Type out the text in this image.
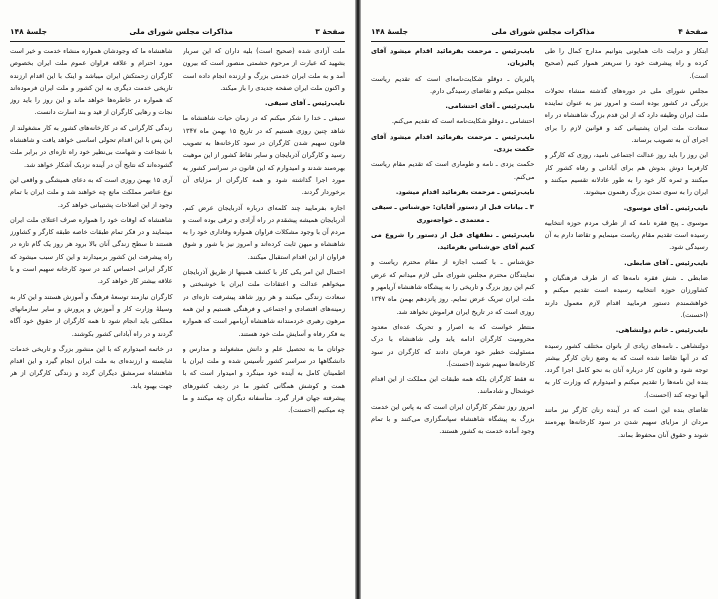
صفحهٔ ۳
مذاکرات مجلس شورای ملی
جلسهٔ ۱۴۸

ملت آزادی شده (صحیح است) بلیه داران که این سربار بشهید که عبارت از مرحوم حشمتی منصور است که بیرون آمد و به ملت ایران خدمتی بزرگ و ارزنده انجام داده است و اکنون ملت ایران صفحه جدیدی را باز میکند.

نایب‌رئیس ـ آقای سیفی.

سیفی ـ خدا را شکر میکنم که در زمان حیات شاهنشاه ما شاهد چنین روزی هستیم که در تاریخ ۱۵ بهمن ماه ۱۳۴۷ قانون سهیم شدن کارگران در سود کارخانه‌ها به تصویب رسید و کارگران آذربایجان و سایر نقاط کشور از این موهبت بهره‌مند شدند و امیدوارم که این قانون در سراسر کشور به مورد اجرا گذاشته شود و همه کارگران از مزایای آن برخوردار گردند.

اجازه بفرمایید چند کلمه‌ای درباره آذربایجان عرض کنم. آذربایجان همیشه پیشقدم در راه آزادی و ترقی بوده است و مردم آن با وجود مشکلات فراوان همواره وفاداری خود را به شاهنشاه و میهن ثابت کرده‌اند و امروز نیز با شور و شوق فراوان از این اقدام استقبال میکنند.

احتمال این امر یکی کار با کشف همینها از طریق آذربایجان میخواهم عدالت و اعتقادات ملت ایران با خوشبختی و سعادت زندگی میکنند و هر روز شاهد پیشرفت تازه‌ای در زمینه‌های اقتصادی و اجتماعی و فرهنگی هستیم و این همه مرهون رهبری خردمندانه شاهنشاه آریامهر است که همواره به فکر رفاه و آسایش ملت خود هستند.

جوانان ما به تحصیل علم و دانش مشغولند و مدارس و دانشگاهها در سراسر کشور تأسیس شده و ملت ایران با اطمینان کامل به آینده خود مینگرد و امیدوار است که با همت و کوشش همگانی کشور ما در ردیف کشورهای پیشرفته جهان قرار گیرد. متأسفانه دیگران چه میکنند و ما چه میکنیم (احسنت).

شاهنشاه ما که وجودشان همواره منشاء خدمت و خیر است مورد احترام و علاقه فراوان عموم ملت ایران بخصوص کارگران زحمتکش ایران میباشد و اینک با این اقدام ارزنده تاریخی خدمت دیگری به این کشور و ملت ایران فرموده‌اند که همواره در خاطره‌ها خواهد ماند و این روز را باید روز نجات و رهایی کارگران از قید و بند اسارت دانست.

زندگی کارگرانی که در کارخانه‌های کشور به کار مشغولند از این پس با این اقدام تحولی اساسی خواهد یافت و شاهنشاه با شجاعت و شهامت بی‌نظیر خود راه تازه‌ای در برابر ملت گشوده‌اند که نتایج آن در آینده نزدیک آشکار خواهد شد.

آری ۱۵ بهمن روزی است که به دعای همیشگی و واقعی این نوع عناصر مملکت مانع چه خواهند شد و ملت ایران با تمام وجود از این اصلاحات پشتیبانی خواهد کرد.

شاهنشاه که اوقات خود را همواره صرف اعتلای ملت ایران مینمایند و در فکر تمام طبقات خاصه طبقه کارگر و کشاورز هستند تا سطح زندگی آنان بالا برود هر روز یک گام تازه در راه پیشرفت این کشور برمیدارند و این کار سبب میشود که کارگر ایرانی احساس کند در سود کارخانه سهیم است و با علاقه بیشتر کار خواهد کرد.

کارگران نیازمند توسعهٔ فرهنگ و آموزش هستند و این کار به وسیلهٔ وزارت کار و آموزش و پرورش و سایر سازمانهای مملکتی باید انجام شود تا همه کارگران از حقوق خود آگاه گردند و در راه آبادانی کشور بکوشند.

در خاتمه امیدوارم که با این منشور بزرگ و تاریخی خدمات شایسته و ارزنده‌ای به ملت ایران انجام گیرد و این اقدام شاهنشاه سرمشق دیگران گردد و زندگی کارگران از هر جهت بهبود یابد.

صفحهٔ ۴
مذاکرات مجلس شورای ملی
جلسهٔ ۱۴۸

ابتکار و درایت ذات همایونی بتوانیم مدارج کمال را طی کرده و راه پیشرفت خود را سریعتر هموار کنیم (صحیح است).

مجلس شورای ملی در دوره‌های گذشته منشاء تحولات بزرگی در کشور بوده است و امروز نیز به عنوان نماینده ملت ایران وظیفه دارد که از این قدم بزرگ شاهنشاه در راه سعادت ملت ایران پشتیبانی کند و قوانین لازم را برای اجرای آن به تصویب برساند.

این روز را باید روز عدالت اجتماعی نامید، روزی که کارگر و کارفرما دوش بدوش هم برای آبادانی و رفاه کشور کار میکنند و ثمره کار خود را به طور عادلانه تقسیم میکنند و ایران را به سوی تمدن بزرگ رهنمون میشوند.

نایب‌رئیس ـ آقای موسوی.

موسوی ـ پنج فقره نامه که از طرف مردم حوزه انتخابیه رسیده است تقدیم مقام ریاست مینمایم و تقاضا دارم به آن رسیدگی شود.

نایب‌رئیس ـ آقای ضابطی.

ضابطی ـ شش فقره نامه‌ها که از طرف فرهنگیان و کشاورزان حوزه انتخابیه رسیده است تقدیم میکنم و خواهشمندم دستور فرمایید اقدام لازم معمول دارند (احسنت).

نایب‌رئیس ـ خانم دولتشاهی.

دولتشاهی ـ نامه‌های زیادی از بانوان مختلف کشور رسیده که در آنها تقاضا شده است که به وضع زنان کارگر بیشتر توجه شود و قانون کار درباره آنان به نحو کامل اجرا گردد. بنده این نامه‌ها را تقدیم میکنم و امیدوارم که وزارت کار به آنها توجه کند (احسنت).

تقاضای بنده این است که در آینده زنان کارگر نیز مانند مردان از مزایای سهیم شدن در سود کارخانه‌ها بهره‌مند شوند و حقوق آنان محفوظ بماند.

نایب‌رئیس ـ مرحمت بفرمائید اقدام میشود آقای پالیزبان.

پالیزبان ـ دوقلو شکایت‌نامه‌ای است که تقدیم ریاست مجلس میکنم و تقاضای رسیدگی دارم.

نایب‌رئیس ـ آقای احتشامی.

احتشامی ـ دوقلو شکایت‌نامه است که تقدیم می‌کنم.

نایب‌رئیس ـ مرحمت بفرمائید اقدام میشود آقای حکمت یزدی.

حکمت یزدی ـ نامه و طوماری است که تقدیم مقام ریاست می‌کنم.

نایب‌رئیس ـ مرحمت بفرمائید اقدام میشود.

۳ ـ بیانات قبل از دستور آقایان: حق‌شناس ـ سیفی ـ معتمدی ـ خواجه‌نوری

نایب‌رئیس ـ نطقهای قبل از دستور را شروع می کنیم آقای حق‌شناس بفرمائید.

حق‌شناس ـ با کسب اجازه از مقام محترم ریاست و نمایندگان محترم مجلس شورای ملی لازم میدانم که عرض کنم این روز بزرگ و تاریخی را به پیشگاه شاهنشاه آریامهر و ملت ایران تبریک عرض نمایم. روز پانزدهم بهمن ماه ۱۳۴۷ روزی است که در تاریخ ایران فراموش نخواهد شد.

منتظر خواست که به اصرار و تحریک عده‌ای معدود محرومیت کارگران ادامه یابد ولی شاهنشاه با درک مسئولیت خطیر خود فرمان دادند که کارگران در سود کارخانه‌ها سهیم شوند (احسنت).

نه فقط کارگران بلکه همه طبقات این مملکت از این اقدام خوشحال و شادمانند.

امروز روز تشکر کارگران ایران است که به پاس این خدمت بزرگ به پیشگاه شاهنشاه سپاسگزاری می‌کنند و با تمام وجود آماده خدمت به کشور هستند.
